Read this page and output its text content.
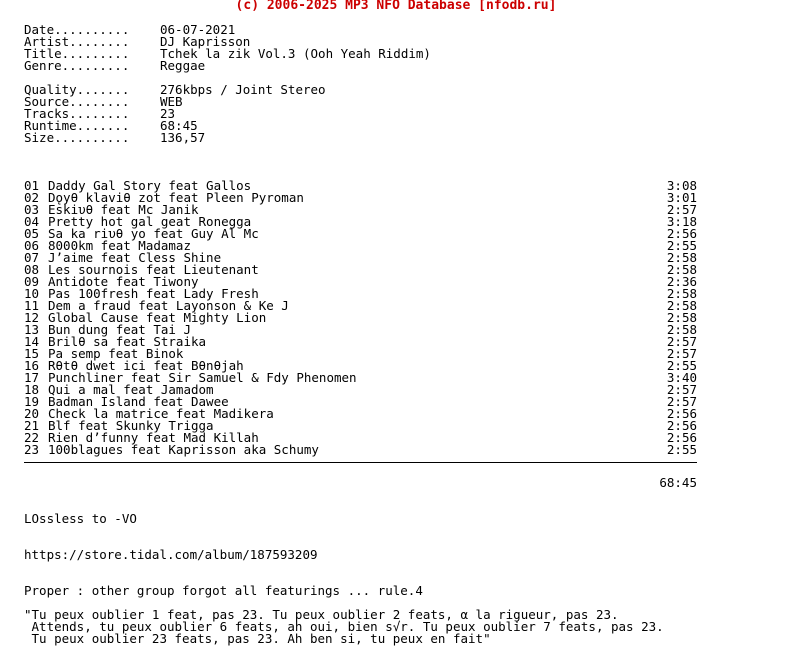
(c) 2006-2025 MP3 NFO Database [nfodb.ru]
Date.......... 06-07-2021
Artist........ DJ Kaprisson
Title......... Tchek la zik Vol.3 (Ooh Yeah Riddim)
Genre......... Reggae
Quality....... 276kbps / Joint Stereo
Source........ WEB
Tracks........ 23
Runtime....... 68:45
Size.......... 136,57
01 Daddy Gal Story feat Gallos	3:08
02 Dǫyθ klaviθ zot feat Pleen Pyroman	3:01
03 Eskiυθ feat Mc Janik	2:57
04 Pretty hot gal geat Ronegga	3:18
05 Sa ka riυθ yo feat Guy Al Mc	2:56
06 8000km feat Madamaz	2:55
07 J’aime feat Cless Shine	2:58
08 Les sournois feat Lieutenant	2:58
09 Antidote feat Tiwony	2:36
10 Pas 100fresh feat Lady Fresh	2:58
11 Dem a fraud feat Layonson & Ke J	2:58
12 Global Cause feat Mighty Lion	2:58
13 Bun dung feat Tai J	2:58
14 Brilθ sa feat Straika	2:57
15 Pa semp feat Binok	2:57
16 Rθtθ dwet ici feat Bθnθjah	2:55
17 Punchliner feat Sir Samuel & Fdy Phenomen	3:40
18 Qui a mal feat Jamadom	2:57
19 Badman Island feat Dawee	2:57
20 Check la matrice feat Madikera	2:56
21 Blf feat Skunky Trigga	2:56
22 Rien d’funny feat Mad Killah	2:56
23 100blagues feat Kaprisson aka Schumy	2:55

68:45

LOssless to -VO
https://store.tidal.com/album/187593209
Proper : other group forgot all featurings ... rule.4
"Tu peux oublier 1 feat, pas 23. Tu peux oublier 2 feats, α la rigueur, pas 23.
Attends, tu peux oublier 6 feats, ah oui, bien s√r. Tu peux oublier 7 feats, pas 23.
Tu peux oublier 23 feats, pas 23. Ah ben si, tu peux en fait"
